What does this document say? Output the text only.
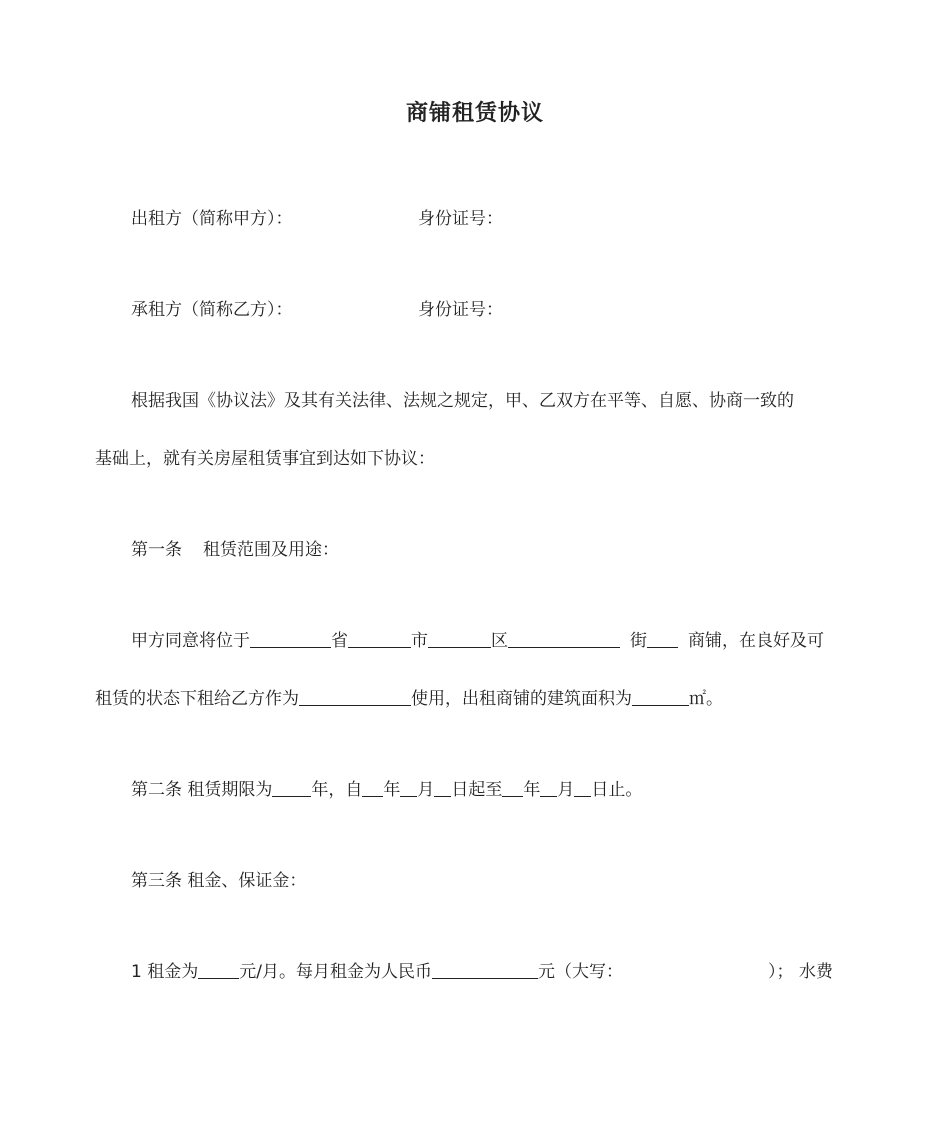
商铺租赁协议
出租方（简称甲方）：	身份证号：
承租方（简称乙方）：	身份证号：
根据我国《协议法》及其有关法律、法规之规定，甲、乙双方在平等、自愿、协商一致的
基础上，就有关房屋租赁事宜到达如下协议：
第一条 租赁范围及用途：
甲方同意将位于	省	市	区	街 商铺，在良好及可
租赁的状态下租给乙方作为	使用，出租商铺的建筑面积为	㎡。
第二条 租赁期限为 年，自 年 月 日起至 年 月 日止。
第三条 租金、保证金：
1 租金为 元/月。每月租金为人民币	元（大写：	）； 水费
